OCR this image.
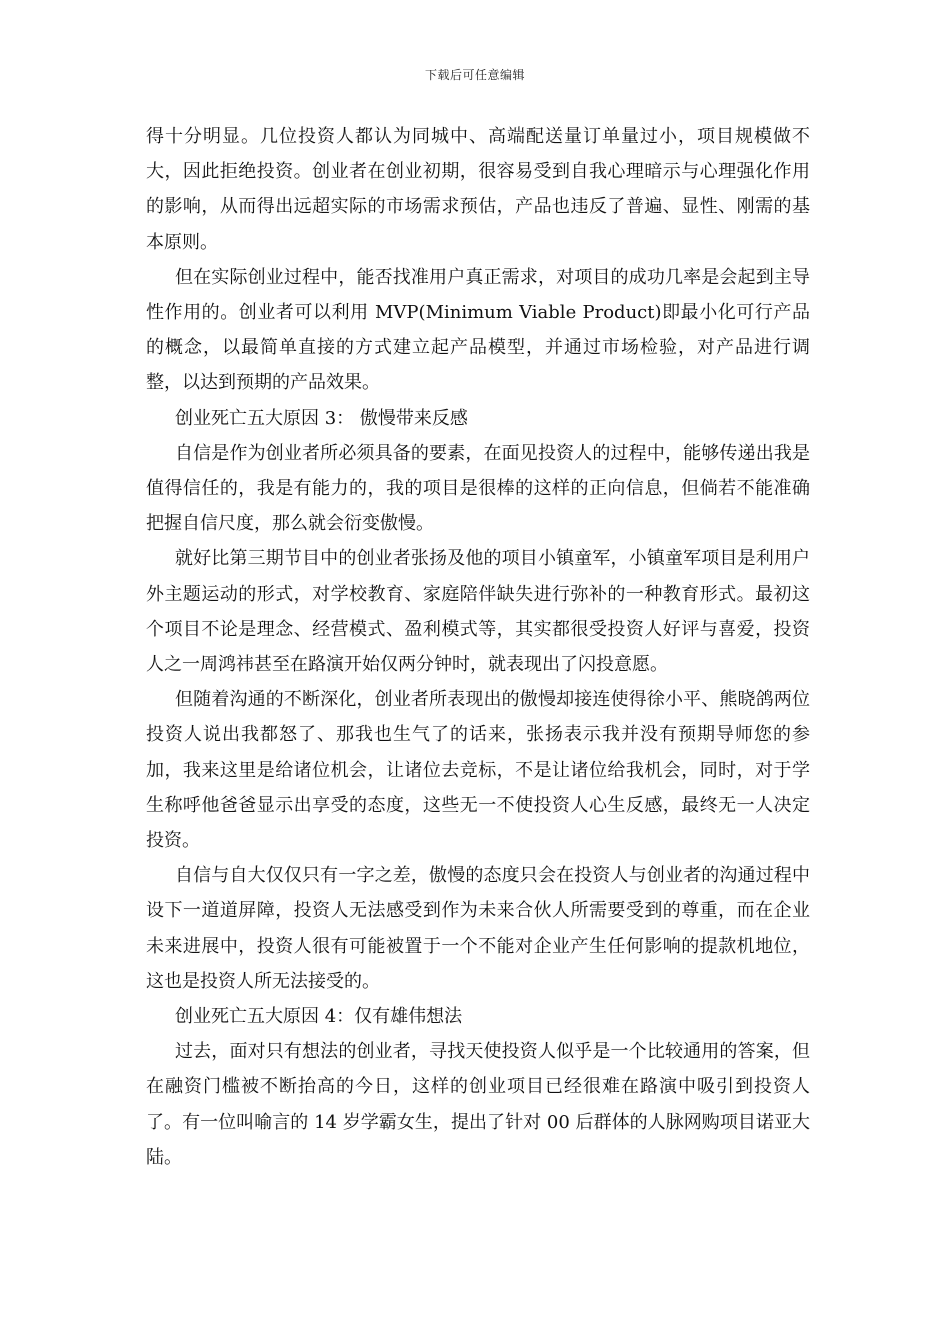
下载后可任意编辑

得十分明显。几位投资人都认为同城中、高端配送量订单量过小，项目规模做不大，因此拒绝投资。创业者在创业初期，很容易受到自我心理暗示与心理强化作用的影响，从而得出远超实际的市场需求预估，产品也违反了普遍、显性、刚需的基本原则。

但在实际创业过程中，能否找准用户真正需求，对项目的成功几率是会起到主导性作用的。创业者可以利用 MVP(Minimum Viable Product)即最小化可行产品的概念，以最简单直接的方式建立起产品模型，并通过市场检验，对产品进行调整，以达到预期的产品效果。

创业死亡五大原因 3： 傲慢带来反感

自信是作为创业者所必须具备的要素，在面见投资人的过程中，能够传递出我是值得信任的，我是有能力的，我的项目是很棒的这样的正向信息，但倘若不能准确把握自信尺度，那么就会衍变傲慢。

就好比第三期节目中的创业者张扬及他的项目小镇童军，小镇童军项目是利用户外主题运动的形式，对学校教育、家庭陪伴缺失进行弥补的一种教育形式。最初这个项目不论是理念、经营模式、盈利模式等，其实都很受投资人好评与喜爱，投资人之一周鸿祎甚至在路演开始仅两分钟时，就表现出了闪投意愿。

但随着沟通的不断深化，创业者所表现出的傲慢却接连使得徐小平、熊晓鸽两位投资人说出我都怒了、那我也生气了的话来，张扬表示我并没有预期导师您的参加，我来这里是给诸位机会，让诸位去竞标，不是让诸位给我机会，同时，对于学生称呼他爸爸显示出享受的态度，这些无一不使投资人心生反感，最终无一人决定投资。

自信与自大仅仅只有一字之差，傲慢的态度只会在投资人与创业者的沟通过程中设下一道道屏障，投资人无法感受到作为未来合伙人所需要受到的尊重，而在企业未来进展中，投资人很有可能被置于一个不能对企业产生任何影响的提款机地位，这也是投资人所无法接受的。

创业死亡五大原因 4：仅有雄伟想法

过去，面对只有想法的创业者，寻找天使投资人似乎是一个比较通用的答案，但在融资门槛被不断抬高的今日，这样的创业项目已经很难在路演中吸引到投资人了。有一位叫喻言的 14 岁学霸女生，提出了针对 00 后群体的人脉网购项目诺亚大陆。
